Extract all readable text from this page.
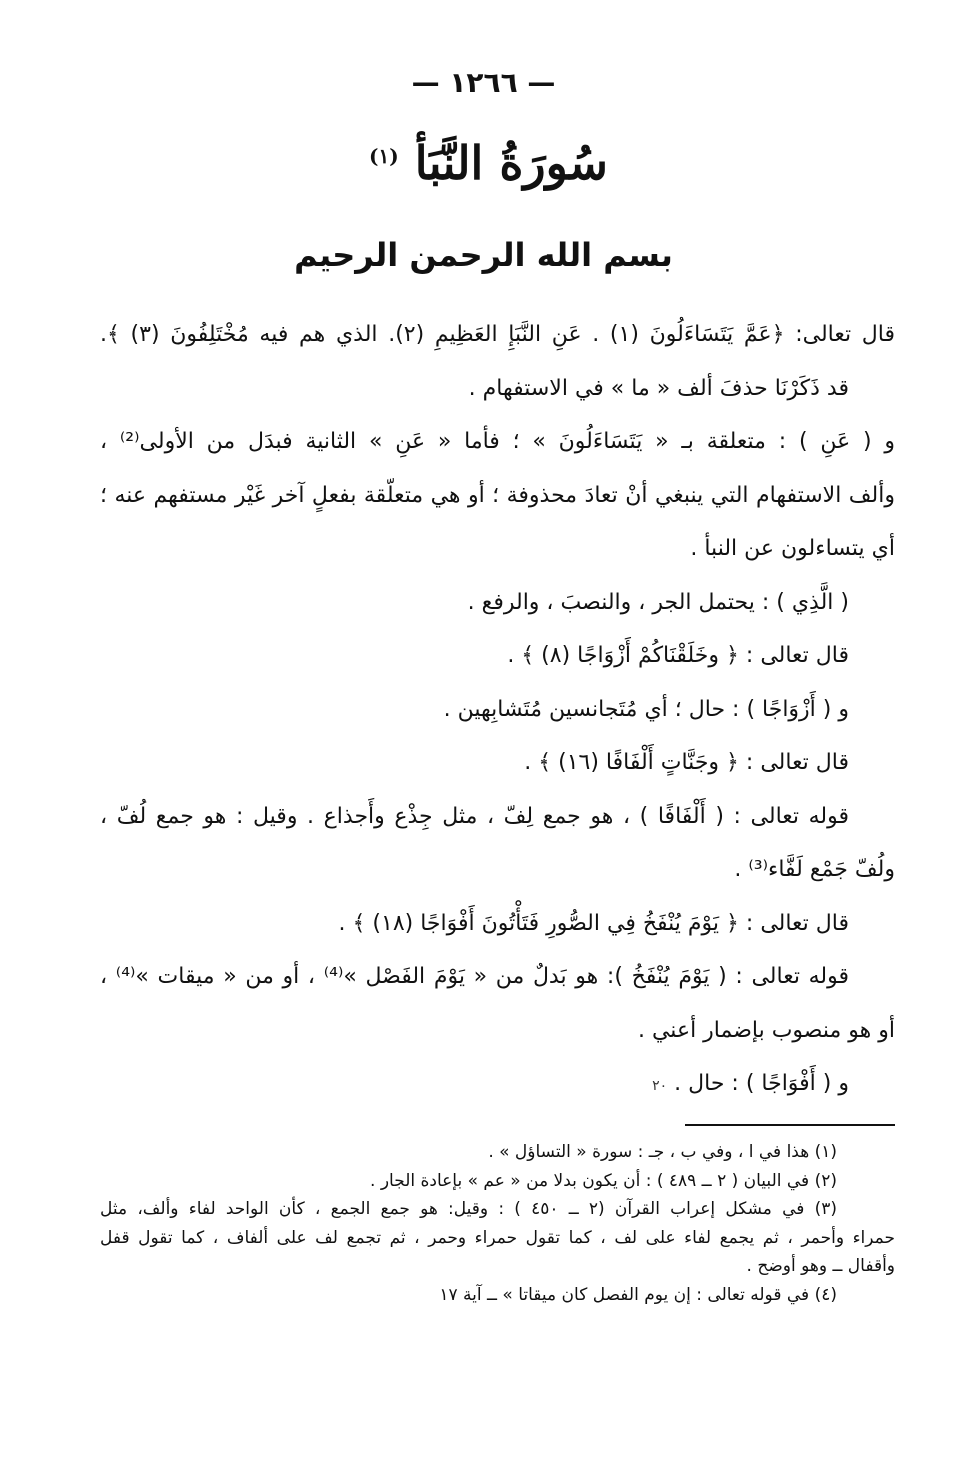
— ١٢٦٦ —
سُورَةُ النَّبَأ $^{(١)}$
بسم الله الرحمن الرحيم
قال تعالى: ﴿عَمَّ يَتَسَاءَلُونَ (١) . عَنِ النَّبَإِ العَظِيمِ (٢). الذي هم فيه مُخْتَلِفُونَ (٣) ﴾.
قد ذَكَرْنَا حذفَ ألف « ما » في الاستفهام .
و ( عَنِ ) : متعلقة بـ « يَتَسَاءَلُونَ » ؛ فأما « عَنِ » الثانية فبدَل من الأولى⁽²⁾ ،
وألف الاستفهام التي ينبغي أنْ تعادَ محذوفة ؛ أو هي متعلّقة بفعلٍ آخر غَيْر مستفهم عنه ؛
أي يتساءلون عن النبأ .
( الَّذِي ) : يحتمل الجر ، والنصبَ ، والرفع .
قال تعالى : ﴿ وخَلَقْنَاكُمْ أَزْوَاجًا (٨) ﴾ .
و ( أَزْوَاجًا ) : حال ؛ أي مُتَجانسين مُتَشابِهين .
قال تعالى : ﴿ وجَنَّاتٍ أَلْفَافًا (١٦) ﴾ .
قوله تعالى : ( أَلْفَافًا ) ، هو جمع لِفّ ، مثل جِذْع وأَجذاع . وقيل : هو جمع لُفّ ،
ولُفّ جَمْع لَفَّاء⁽³⁾ .
قال تعالى : ﴿ يَوْمَ يُنْفَخُ فِي الصُّورِ فَتَأْتُونَ أَفْوَاجًا (١٨) ﴾ .
قوله تعالى : ( يَوْمَ يُنْفَخُ ): هو بَدلٌ من « يَوْمَ الفَصْل »⁽⁴⁾ ، أو من « ميقات »⁽⁴⁾ ،
أو هو منصوب بإضمار أعني .
و ( أَفْوَاجًا ) : حال . ٢٠
(١) هذا في ا ، وفي ب ، جـ : سورة « التساؤل » .
(٢) في البيان ( ٢ ــ ٤٨٩ ) : أن يكون بدلا من « عم » بإعادة الجار .
(٣) في مشكل إعراب القرآن (٢ ــ ٤٥٠ ) : وقيل: هو جمع الجمع ، كأن الواحد لفاء وألف، مثل
حمراء وأحمر ، ثم يجمع لفاء على لف ، كما تقول حمراء وحمر ، ثم تجمع لف على ألفاف ، كما تقول قفل
وأقفال ــ وهو أوضح .
(٤) في قوله تعالى : إن يوم الفصل كان ميقاتا » ــ آية ١٧
